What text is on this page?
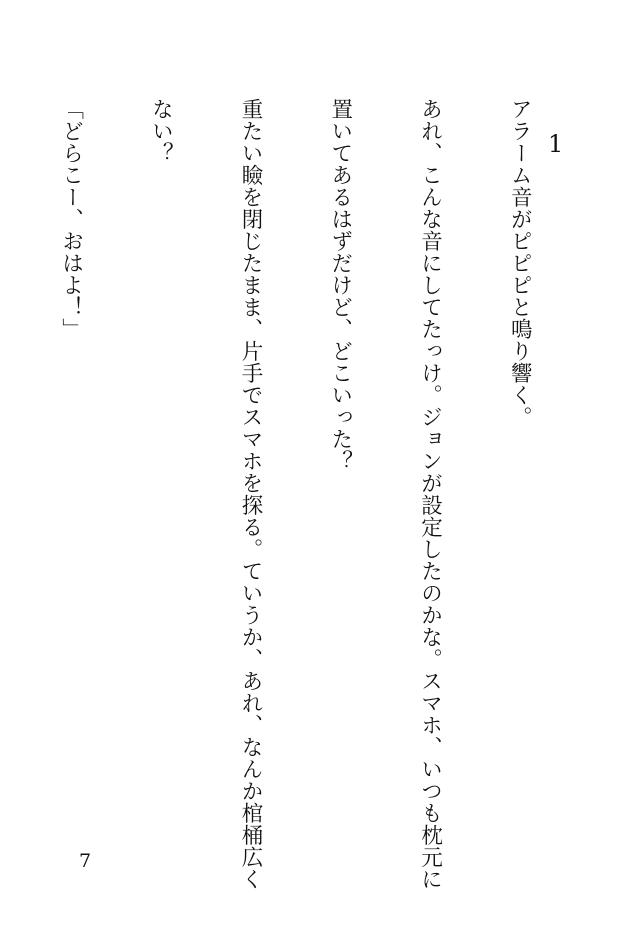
1

アラーム音がピピピと鳴り響く。

あれ、こんな音にしてたっけ。ジョンが設定したのかな。スマホ、いつも枕元に

置いてあるはずだけど、どこいった？

重たい瞼を閉じたまま、片手でスマホを探る。ていうか、あれ、なんか棺桶広く

ない？

「どらこー、おはよ！」

7
